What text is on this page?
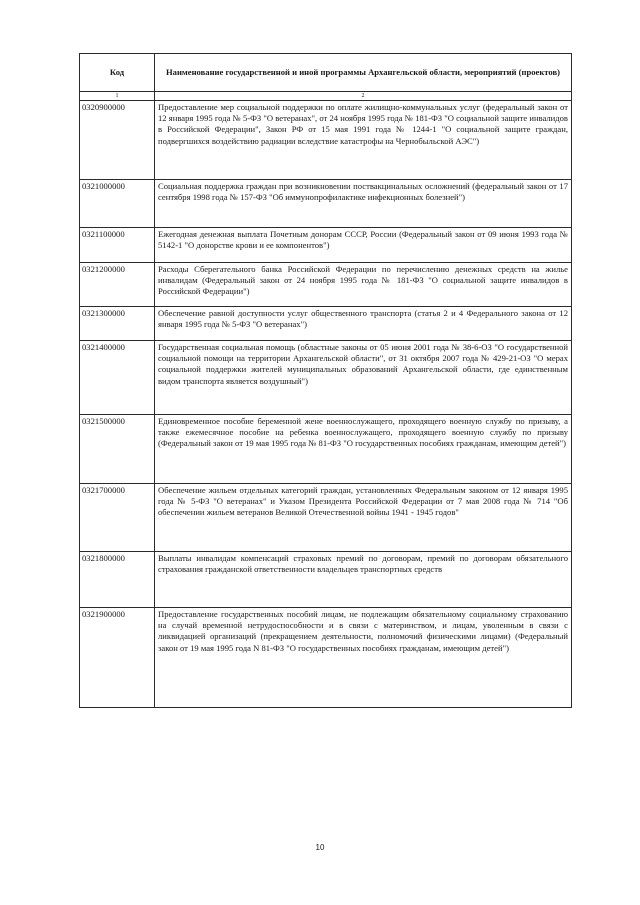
Код	Наименование государственной и иной программы Архангельской области, мероприятий (проектов)
1	2
0320900000	Предоставление мер социальной поддержки по оплате жилищно-коммунальных услуг (федеральный закон от 12 января 1995 года № 5-ФЗ "О ветеранах", от 24 ноября 1995 года № 181-ФЗ "О социальной защите инвалидов в Российской Федерации", Закон РФ от 15 мая 1991 года № 1244-1 "О социальной защите граждан, подвергшихся воздействию радиации вследствие катастрофы на Чернобыльской АЭС")
0321000000	Социальная поддержка граждан при возникновении поствакцинальных осложнений (федеральный закон от 17 сентября 1998 года № 157-ФЗ "Об иммунопрофилактике инфекционных болезней")
0321100000	Ежегодная денежная выплата Почетным донорам СССР, России (Федеральный закон от 09 июня 1993 года № 5142-1 "О донорстве крови и ее компонентов")
0321200000	Расходы Сберегательного банка Российской Федерации по перечислению денежных средств на жилье инвалидам (Федеральный закон от 24 ноября 1995 года № 181-ФЗ "О социальной защите инвалидов в Российской Федерации")
0321300000	Обеспечение равной доступности услуг общественного транспорта (статья 2 и 4 Федерального закона от 12 января 1995 года № 5-ФЗ "О ветеранах")
0321400000	Государственная социальная помощь (областные законы от 05 июня 2001 года № 38-6-ОЗ "О государственной социальной помощи на территории Архангельской области", от 31 октября 2007 года № 429-21-ОЗ "О мерах социальной поддержки жителей муниципальных образований Архангельской области, где единственным видом транспорта является воздушный")
0321500000	Единовременное пособие беременной жене военнослужащего, проходящего военную службу по призыву, а также ежемесячное пособие на ребенка военнослужащего, проходящего военную службу по призыву (Федеральный закон от 19 мая 1995 года № 81-ФЗ "О государственных пособиях гражданам, имеющим детей")
0321700000	Обеспечение жильем отдельных категорий граждан, установленных Федеральным законом от 12 января 1995 года № 5-ФЗ "О ветеранах" и Указом Президента Российской Федерации от 7 мая 2008 года № 714 "Об обеспечении жильем ветеранов Великой Отечественной войны 1941 - 1945 годов"
0321800000	Выплаты инвалидам компенсаций страховых премий по договорам, премий по договорам обязательного страхования гражданской ответственности владельцев транспортных средств
0321900000	Предоставление государственных пособий лицам, не подлежащим обязательному социальному страхованию на случай временной нетрудоспособности и в связи с материнством, и лицам, уволенным в связи с ликвидацией организаций (прекращением деятельности, полномочий физическими лицами) (Федеральный закон от 19 мая 1995 года N 81-ФЗ "О государственных пособиях гражданам, имеющим детей")
10
